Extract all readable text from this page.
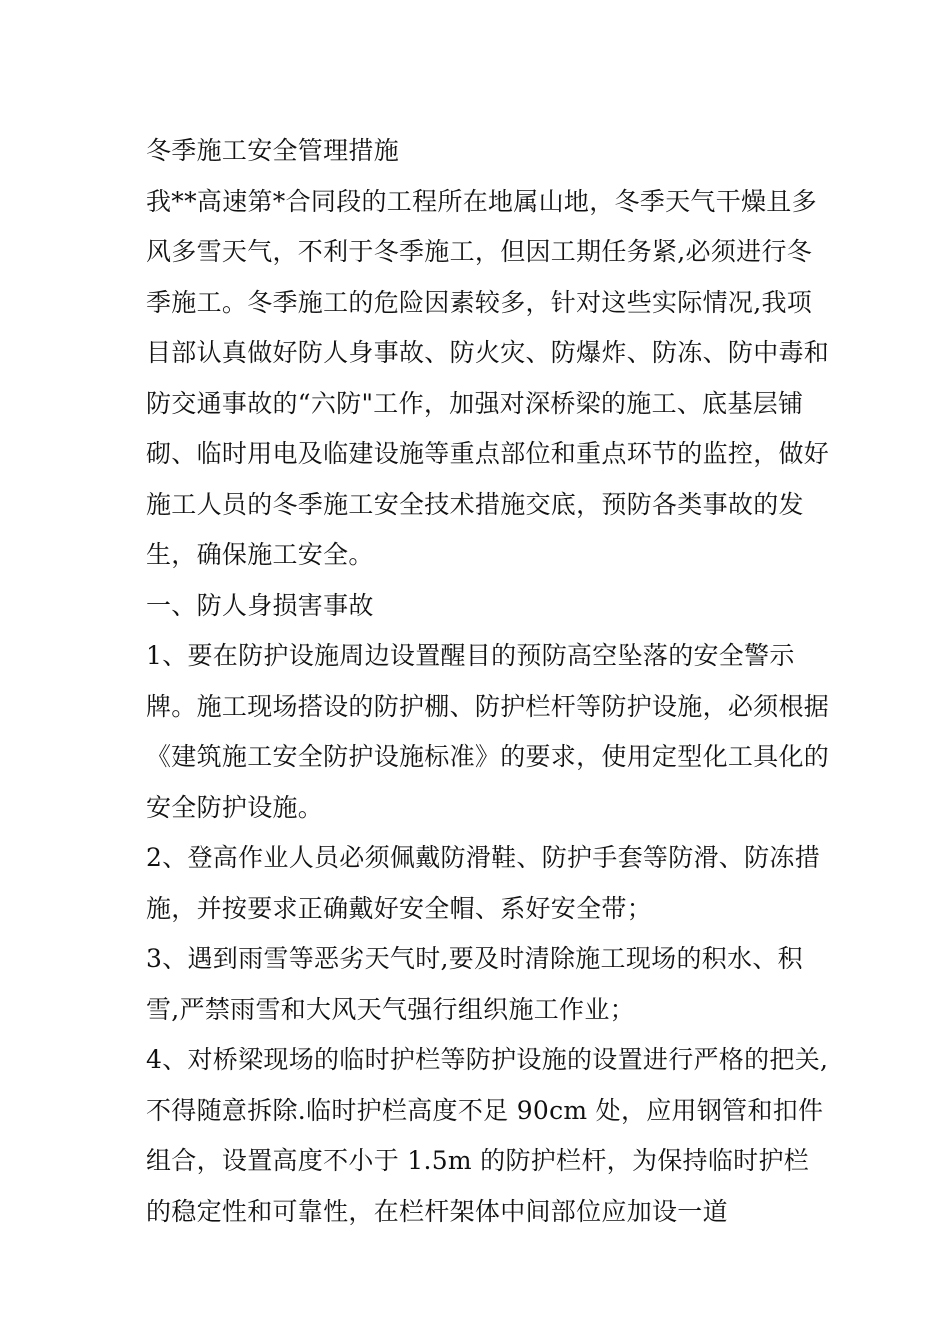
冬季施工安全管理措施

我**高速第*合同段的工程所在地属山地，冬季天气干燥且多风多雪天气，不利于冬季施工，但因工期任务紧,必须进行冬季施工。冬季施工的危险因素较多，针对这些实际情况,我项目部认真做好防人身事故、防火灾、防爆炸、防冻、防中毒和防交通事故的“六防"工作，加强对深桥梁的施工、底基层铺砌、临时用电及临建设施等重点部位和重点环节的监控，做好施工人员的冬季施工安全技术措施交底，预防各类事故的发生，确保施工安全。

一、防人身损害事故

1、要在防护设施周边设置醒目的预防高空坠落的安全警示牌。施工现场搭设的防护棚、防护栏杆等防护设施，必须根据《建筑施工安全防护设施标准》的要求，使用定型化工具化的安全防护设施。

2、登高作业人员必须佩戴防滑鞋、防护手套等防滑、防冻措施，并按要求正确戴好安全帽、系好安全带；

3、遇到雨雪等恶劣天气时,要及时清除施工现场的积水、积雪,严禁雨雪和大风天气强行组织施工作业；

4、对桥梁现场的临时护栏等防护设施的设置进行严格的把关,不得随意拆除.临时护栏高度不足 90cm 处，应用钢管和扣件组合，设置高度不小于 1.5m 的防护栏杆，为保持临时护栏的稳定性和可靠性，在栏杆架体中间部位应加设一道
